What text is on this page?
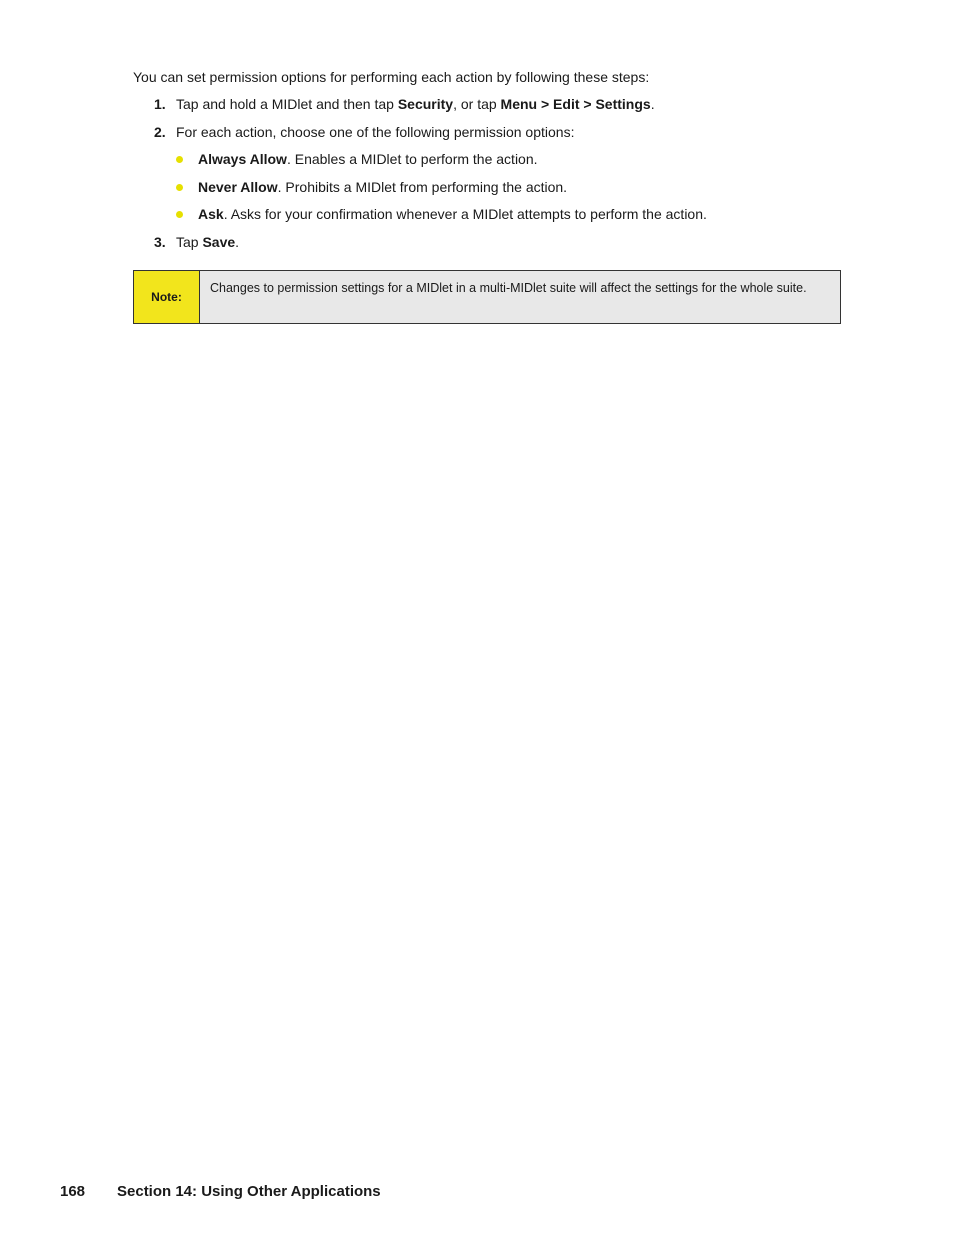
You can set permission options for performing each action by following these steps:

1. Tap and hold a MIDlet and then tap Security, or tap Menu > Edit > Settings.

2. For each action, choose one of the following permission options:

Always Allow. Enables a MIDlet to perform the action.

Never Allow. Prohibits a MIDlet from performing the action.

Ask. Asks for your confirmation whenever a MIDlet attempts to perform the action.

3. Tap Save.

Note:
Changes to permission settings for a MIDlet in a multi-MIDlet suite will affect the settings for the whole suite.
168 Section 14: Using Other Applications
